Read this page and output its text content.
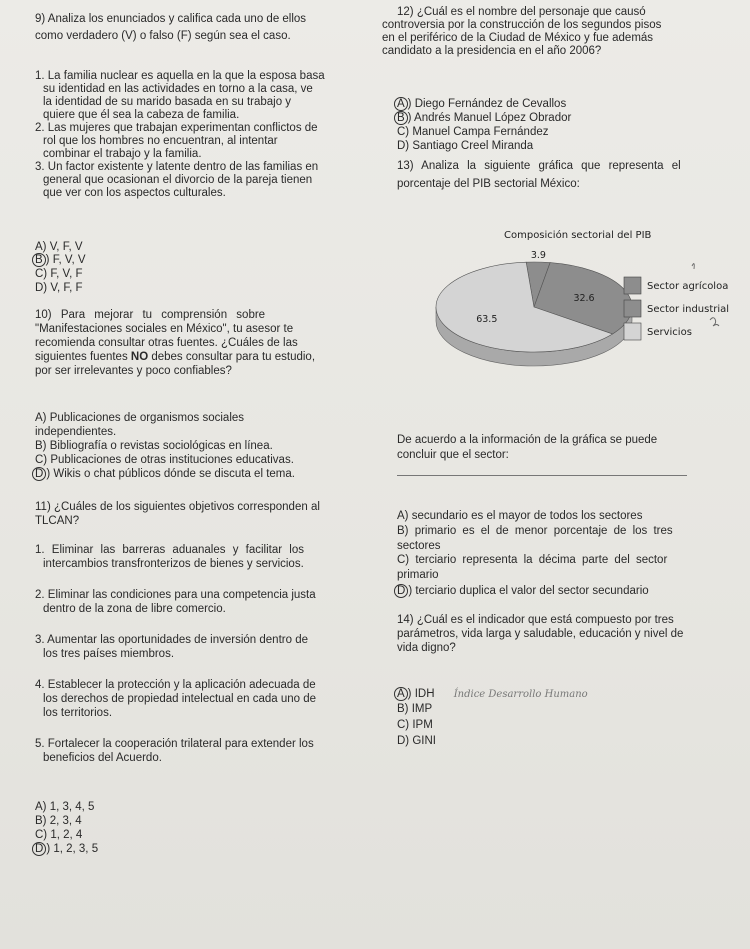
9) Analiza los enunciados y califica cada uno de ellos
como verdadero (V) o falso (F) según sea el caso.
1. La familia nuclear es aquella en la que la esposa basa
su identidad en las actividades en torno a la casa, ve
la identidad de su marido basada en su trabajo y
quiere que él sea la cabeza de familia.
2. Las mujeres que trabajan experimentan conflictos de
rol que los hombres no encuentran, al intentar
combinar el trabajo y la familia.
3. Un factor existente y latente dentro de las familias en
general que ocasionan el divorcio de la pareja tienen
que ver con los aspectos culturales.
A) V, F, V
B ) F, V, V
C) F, V, F
D) V, F, F
10) Para mejorar tu comprensión sobre
"Manifestaciones sociales en México", tu asesor te
recomienda consultar otras fuentes. ¿Cuáles de las
siguientes fuentes NO debes consultar para tu estudio,
por ser irrelevantes y poco confiables?
A) Publicaciones de organismos sociales
independientes.
B) Bibliografía o revistas sociológicas en línea.
C) Publicaciones de otras instituciones educativas.
D ) Wikis o chat públicos dónde se discuta el tema.
11) ¿Cuáles de los siguientes objetivos corresponden al
TLCAN?
1. Eliminar las barreras aduanales y facilitar los
intercambios transfronterizos de bienes y servicios.
2. Eliminar las condiciones para una competencia justa
dentro de la zona de libre comercio.
3. Aumentar las oportunidades de inversión dentro de
los tres países miembros.
4. Establecer la protección y la aplicación adecuada de
los derechos de propiedad intelectual en cada uno de
los territorios.
5. Fortalecer la cooperación trilateral para extender los
beneficios del Acuerdo.
A) 1, 3, 4, 5
B) 2, 3, 4
C) 1, 2, 4
D ) 1, 2, 3, 5
12) ¿Cuál es el nombre del personaje que causó
controversia por la construcción de los segundos pisos
en el periférico de la Ciudad de México y fue además
candidato a la presidencia en el año 2006?
A ) Diego Fernández de Cevallos
B ) Andrés Manuel López Obrador
C) Manuel Campa Fernández
D) Santiago Creel Miranda
13) Analiza la siguiente gráfica que representa el
porcentaje del PIB sectorial México:
Composición sectorial del PIB
3.9
32.6
63.5
Sector agrícoloa
Sector industrial
Servicios
De acuerdo a la información de la gráfica se puede
concluir que el sector:
A) secundario es el mayor de todos los sectores
B) primario es el de menor porcentaje de los tres
sectores
C) terciario representa la décima parte del sector
primario
D ) terciario duplica el valor del sector secundario
14) ¿Cuál es el indicador que está compuesto por tres
parámetros, vida larga y saludable, educación y nivel de
vida digno?
A ) IDH Índice Desarrollo Humano
B) IMP
C) IPM
D) GINI
